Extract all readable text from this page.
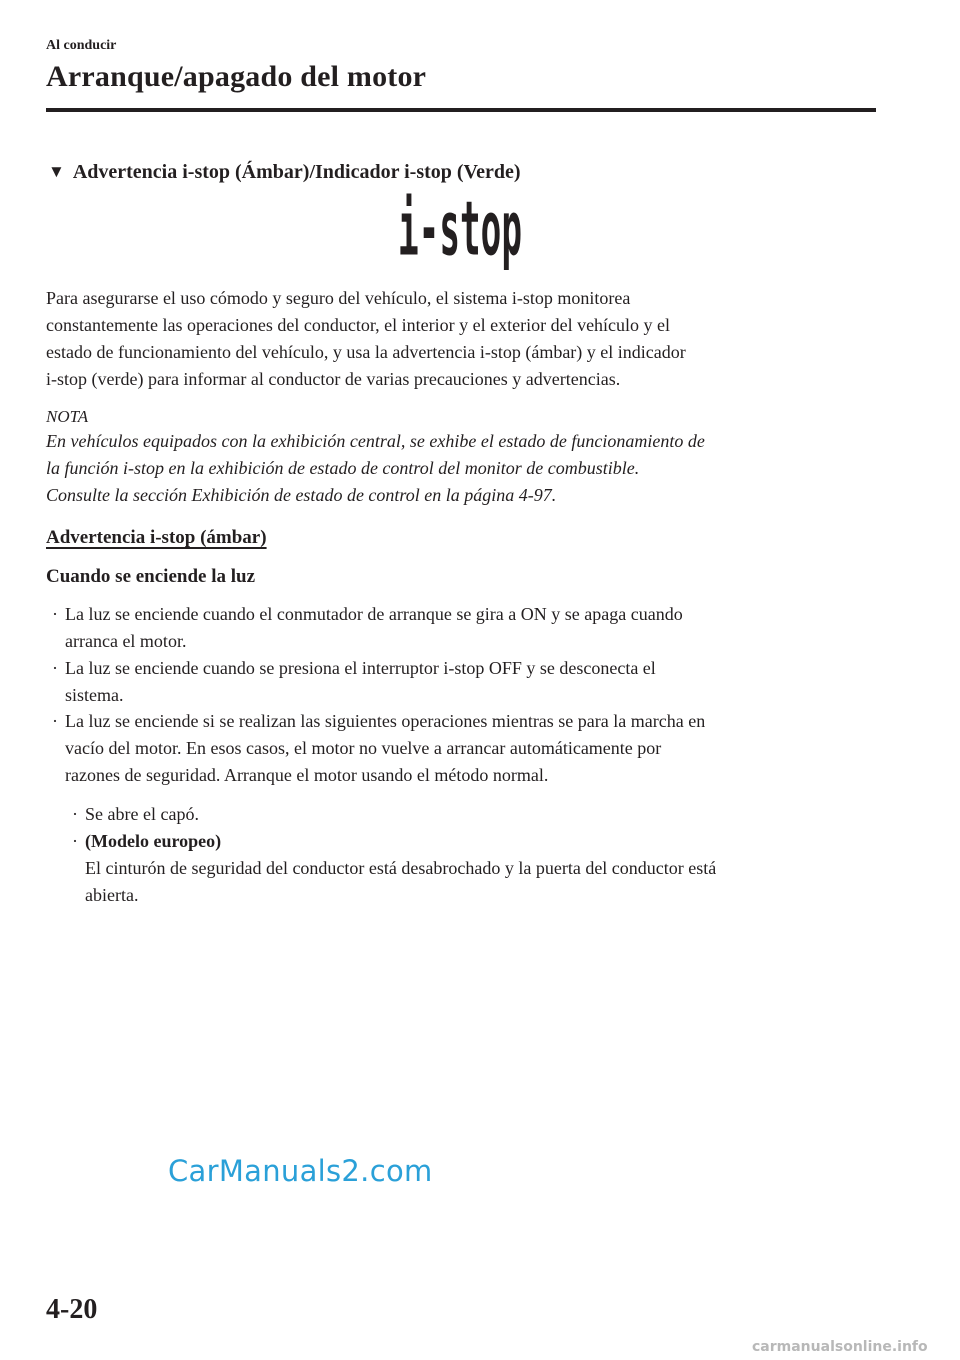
Al conducir
Arranque/apagado del motor
▼ Advertencia i-stop (Ámbar)/Indicador i-stop (Verde)
i-stop
Para asegurarse el uso cómodo y seguro del vehículo, el sistema i-stop monitorea
constantemente las operaciones del conductor, el interior y el exterior del vehículo y el
estado de funcionamiento del vehículo, y usa la advertencia i-stop (ámbar) y el indicador
i-stop (verde) para informar al conductor de varias precauciones y advertencias.
NOTA
En vehículos equipados con la exhibición central, se exhibe el estado de funcionamiento de
la función i-stop en la exhibición de estado de control del monitor de combustible.
Consulte la sección Exhibición de estado de control en la página 4-97.
Advertencia i-stop (ámbar)
Cuando se enciende la luz
· La luz se enciende cuando el conmutador de arranque se gira a ON y se apaga cuando
arranca el motor.
· La luz se enciende cuando se presiona el interruptor i-stop OFF y se desconecta el
sistema.
· La luz se enciende si se realizan las siguientes operaciones mientras se para la marcha en
vacío del motor. En esos casos, el motor no vuelve a arrancar automáticamente por
razones de seguridad. Arranque el motor usando el método normal.
· Se abre el capó.
· (Modelo europeo)
El cinturón de seguridad del conductor está desabrochado y la puerta del conductor está
abierta.
CarManuals2.com
4-20
carmanualsonline.info
